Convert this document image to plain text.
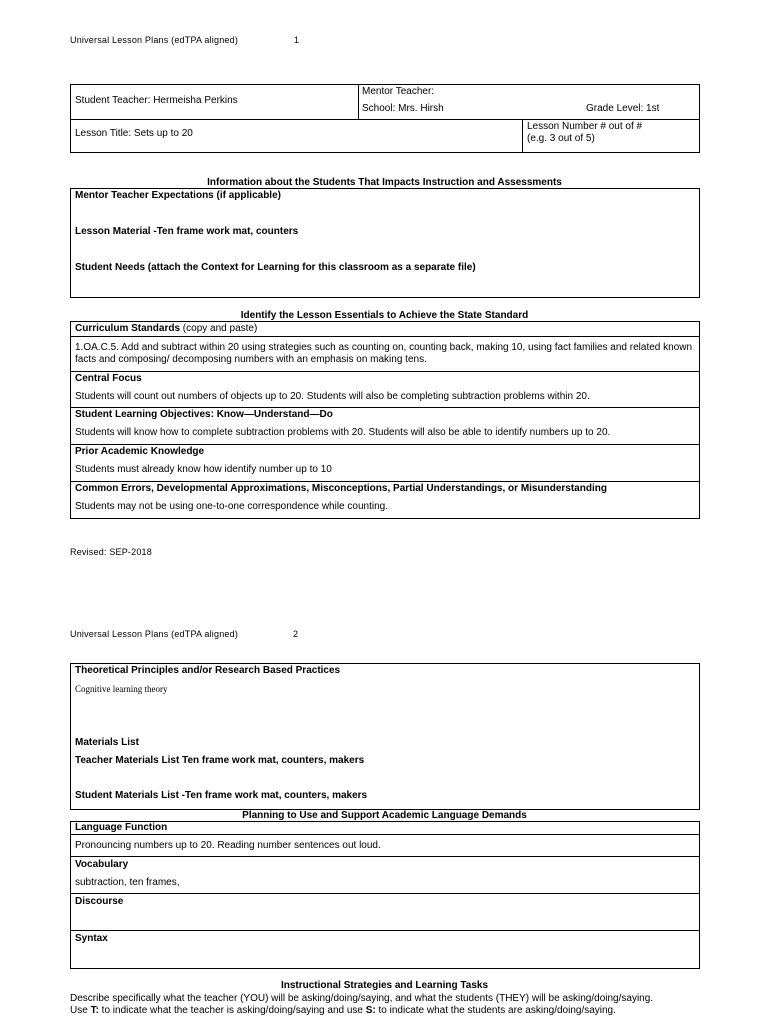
Universal Lesson Plans (edTPA aligned)	1
Student Teacher: Hermeisha Perkins
Mentor Teacher:
School: Mrs. Hirsh	Grade Level: 1st
Lesson Title: Sets up to 20
Lesson Number # out of #
(e.g. 3 out of 5)
Information about the Students That Impacts Instruction and Assessments
Mentor Teacher Expectations (if applicable)
Lesson Material -Ten frame work mat, counters
Student Needs (attach the Context for Learning for this classroom as a separate file)
Identify the Lesson Essentials to Achieve the State Standard
Curriculum Standards (copy and paste)
1.OA.C.5. Add and subtract within 20 using strategies such as counting on, counting back, making 10, using fact families and related known facts and composing/ decomposing numbers with an emphasis on making tens.
Central Focus
Students will count out numbers of objects up to 20. Students will also be completing subtraction problems within 20.
Student Learning Objectives: Know—Understand—Do
Students will know how to complete subtraction problems with 20. Students will also be able to identify numbers up to 20.
Prior Academic Knowledge
Students must already know how identify number up to 10
Common Errors, Developmental Approximations, Misconceptions, Partial Understandings, or Misunderstanding
Students may not be using one-to-one correspondence while counting.
Revised: SEP-2018
Universal Lesson Plans (edTPA aligned)	2
Theoretical Principles and/or Research Based Practices
Cognitive learning theory
Materials List
Teacher Materials List Ten frame work mat, counters, makers
Student Materials List -Ten frame work mat, counters, makers
Planning to Use and Support Academic Language Demands
Language Function
Pronouncing numbers up to 20. Reading number sentences out loud.
Vocabulary
subtraction, ten frames,
Discourse
Syntax
Instructional Strategies and Learning Tasks
Describe specifically what the teacher (YOU) will be asking/doing/saying, and what the students (THEY) will be asking/doing/saying.
Use T: to indicate what the teacher is asking/doing/saying and use S: to indicate what the students are asking/doing/saying.
